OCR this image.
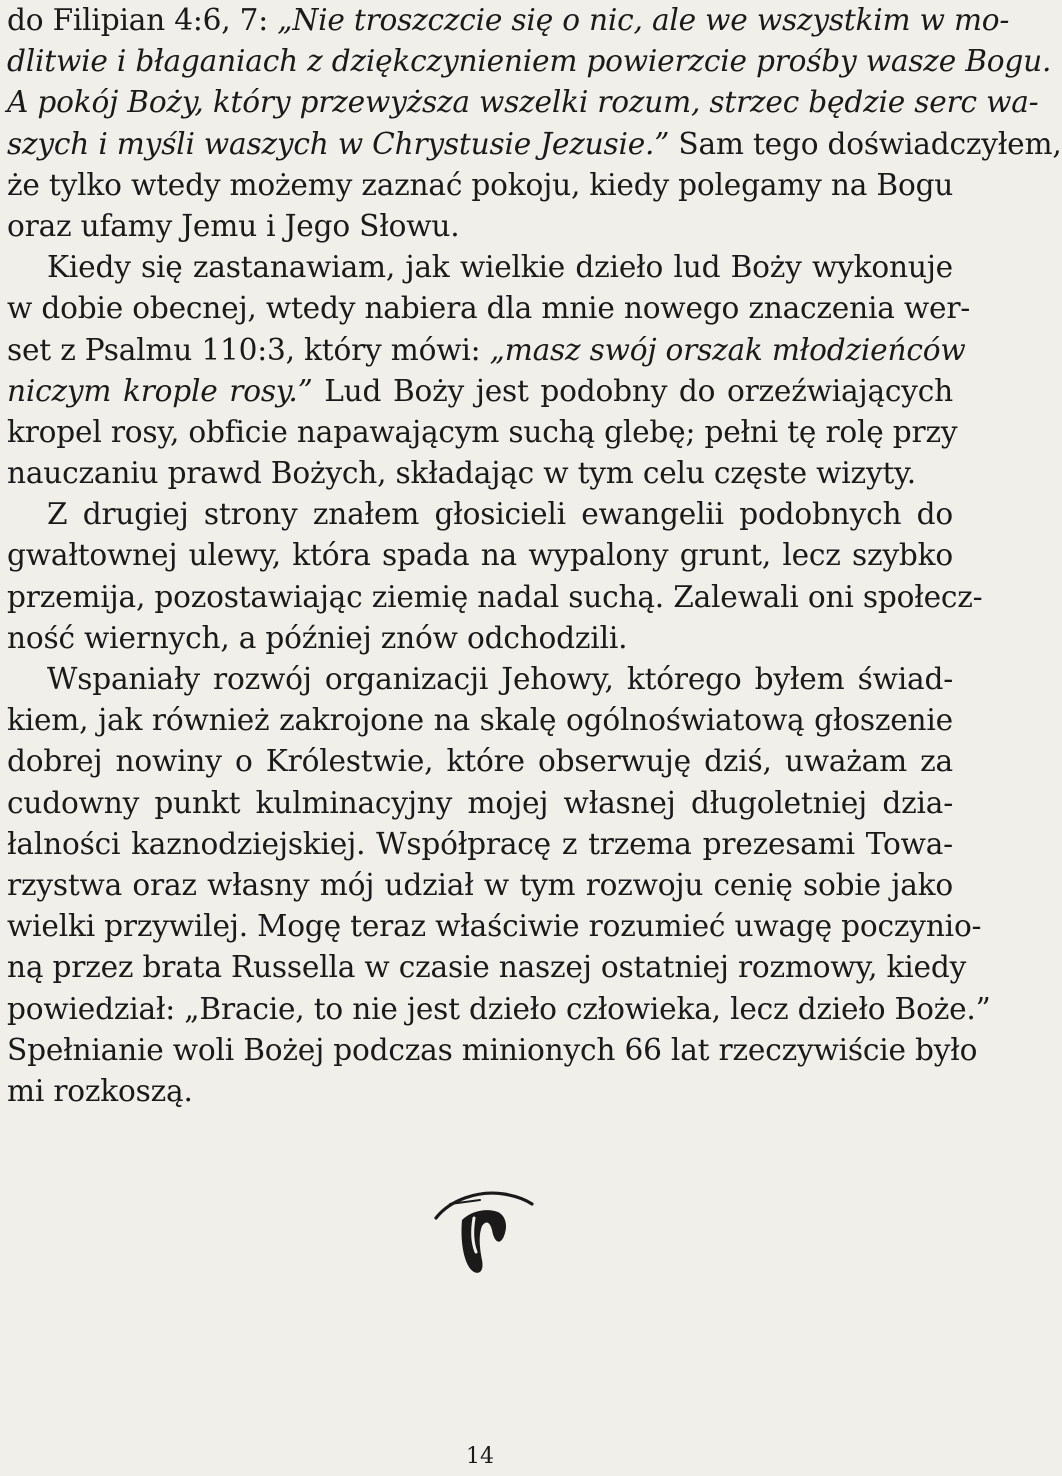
do Filipian 4:6, 7: „Nie troszczcie się o nic, ale we wszystkim w mo-
dlitwie i błaganiach z dziękczynieniem powierzcie prośby wasze Bogu.
A pokój Boży, który przewyższa wszelki rozum, strzec będzie serc wa-
szych i myśli waszych w Chrystusie Jezusie.” Sam tego doświadczyłem,
że tylko wtedy możemy zaznać pokoju, kiedy polegamy na Bogu
oraz ufamy Jemu i Jego Słowu.
Kiedy się zastanawiam, jak wielkie dzieło lud Boży wykonuje
w dobie obecnej, wtedy nabiera dla mnie nowego znaczenia wer-
set z Psalmu 110:3, który mówi: „masz swój orszak młodzieńców
niczym krople rosy.” Lud Boży jest podobny do orzeźwiających
kropel rosy, obficie napawającym suchą glebę; pełni tę rolę przy
nauczaniu prawd Bożych, składając w tym celu częste wizyty.
Z drugiej strony znałem głosicieli ewangelii podobnych do
gwałtownej ulewy, która spada na wypalony grunt, lecz szybko
przemija, pozostawiając ziemię nadal suchą. Zalewali oni społecz-
ność wiernych, a później znów odchodzili.
Wspaniały rozwój organizacji Jehowy, którego byłem świad-
kiem, jak również zakrojone na skalę ogólnoświatową głoszenie
dobrej nowiny o Królestwie, które obserwuję dziś, uważam za
cudowny punkt kulminacyjny mojej własnej długoletniej dzia-
łalności kaznodziejskiej. Współpracę z trzema prezesami Towa-
rzystwa oraz własny mój udział w tym rozwoju cenię sobie jako
wielki przywilej. Mogę teraz właściwie rozumieć uwagę poczynio-
ną przez brata Russella w czasie naszej ostatniej rozmowy, kiedy
powiedział: „Bracie, to nie jest dzieło człowieka, lecz dzieło Boże.”
Spełnianie woli Bożej podczas minionych 66 lat rzeczywiście było
mi rozkoszą.
14
